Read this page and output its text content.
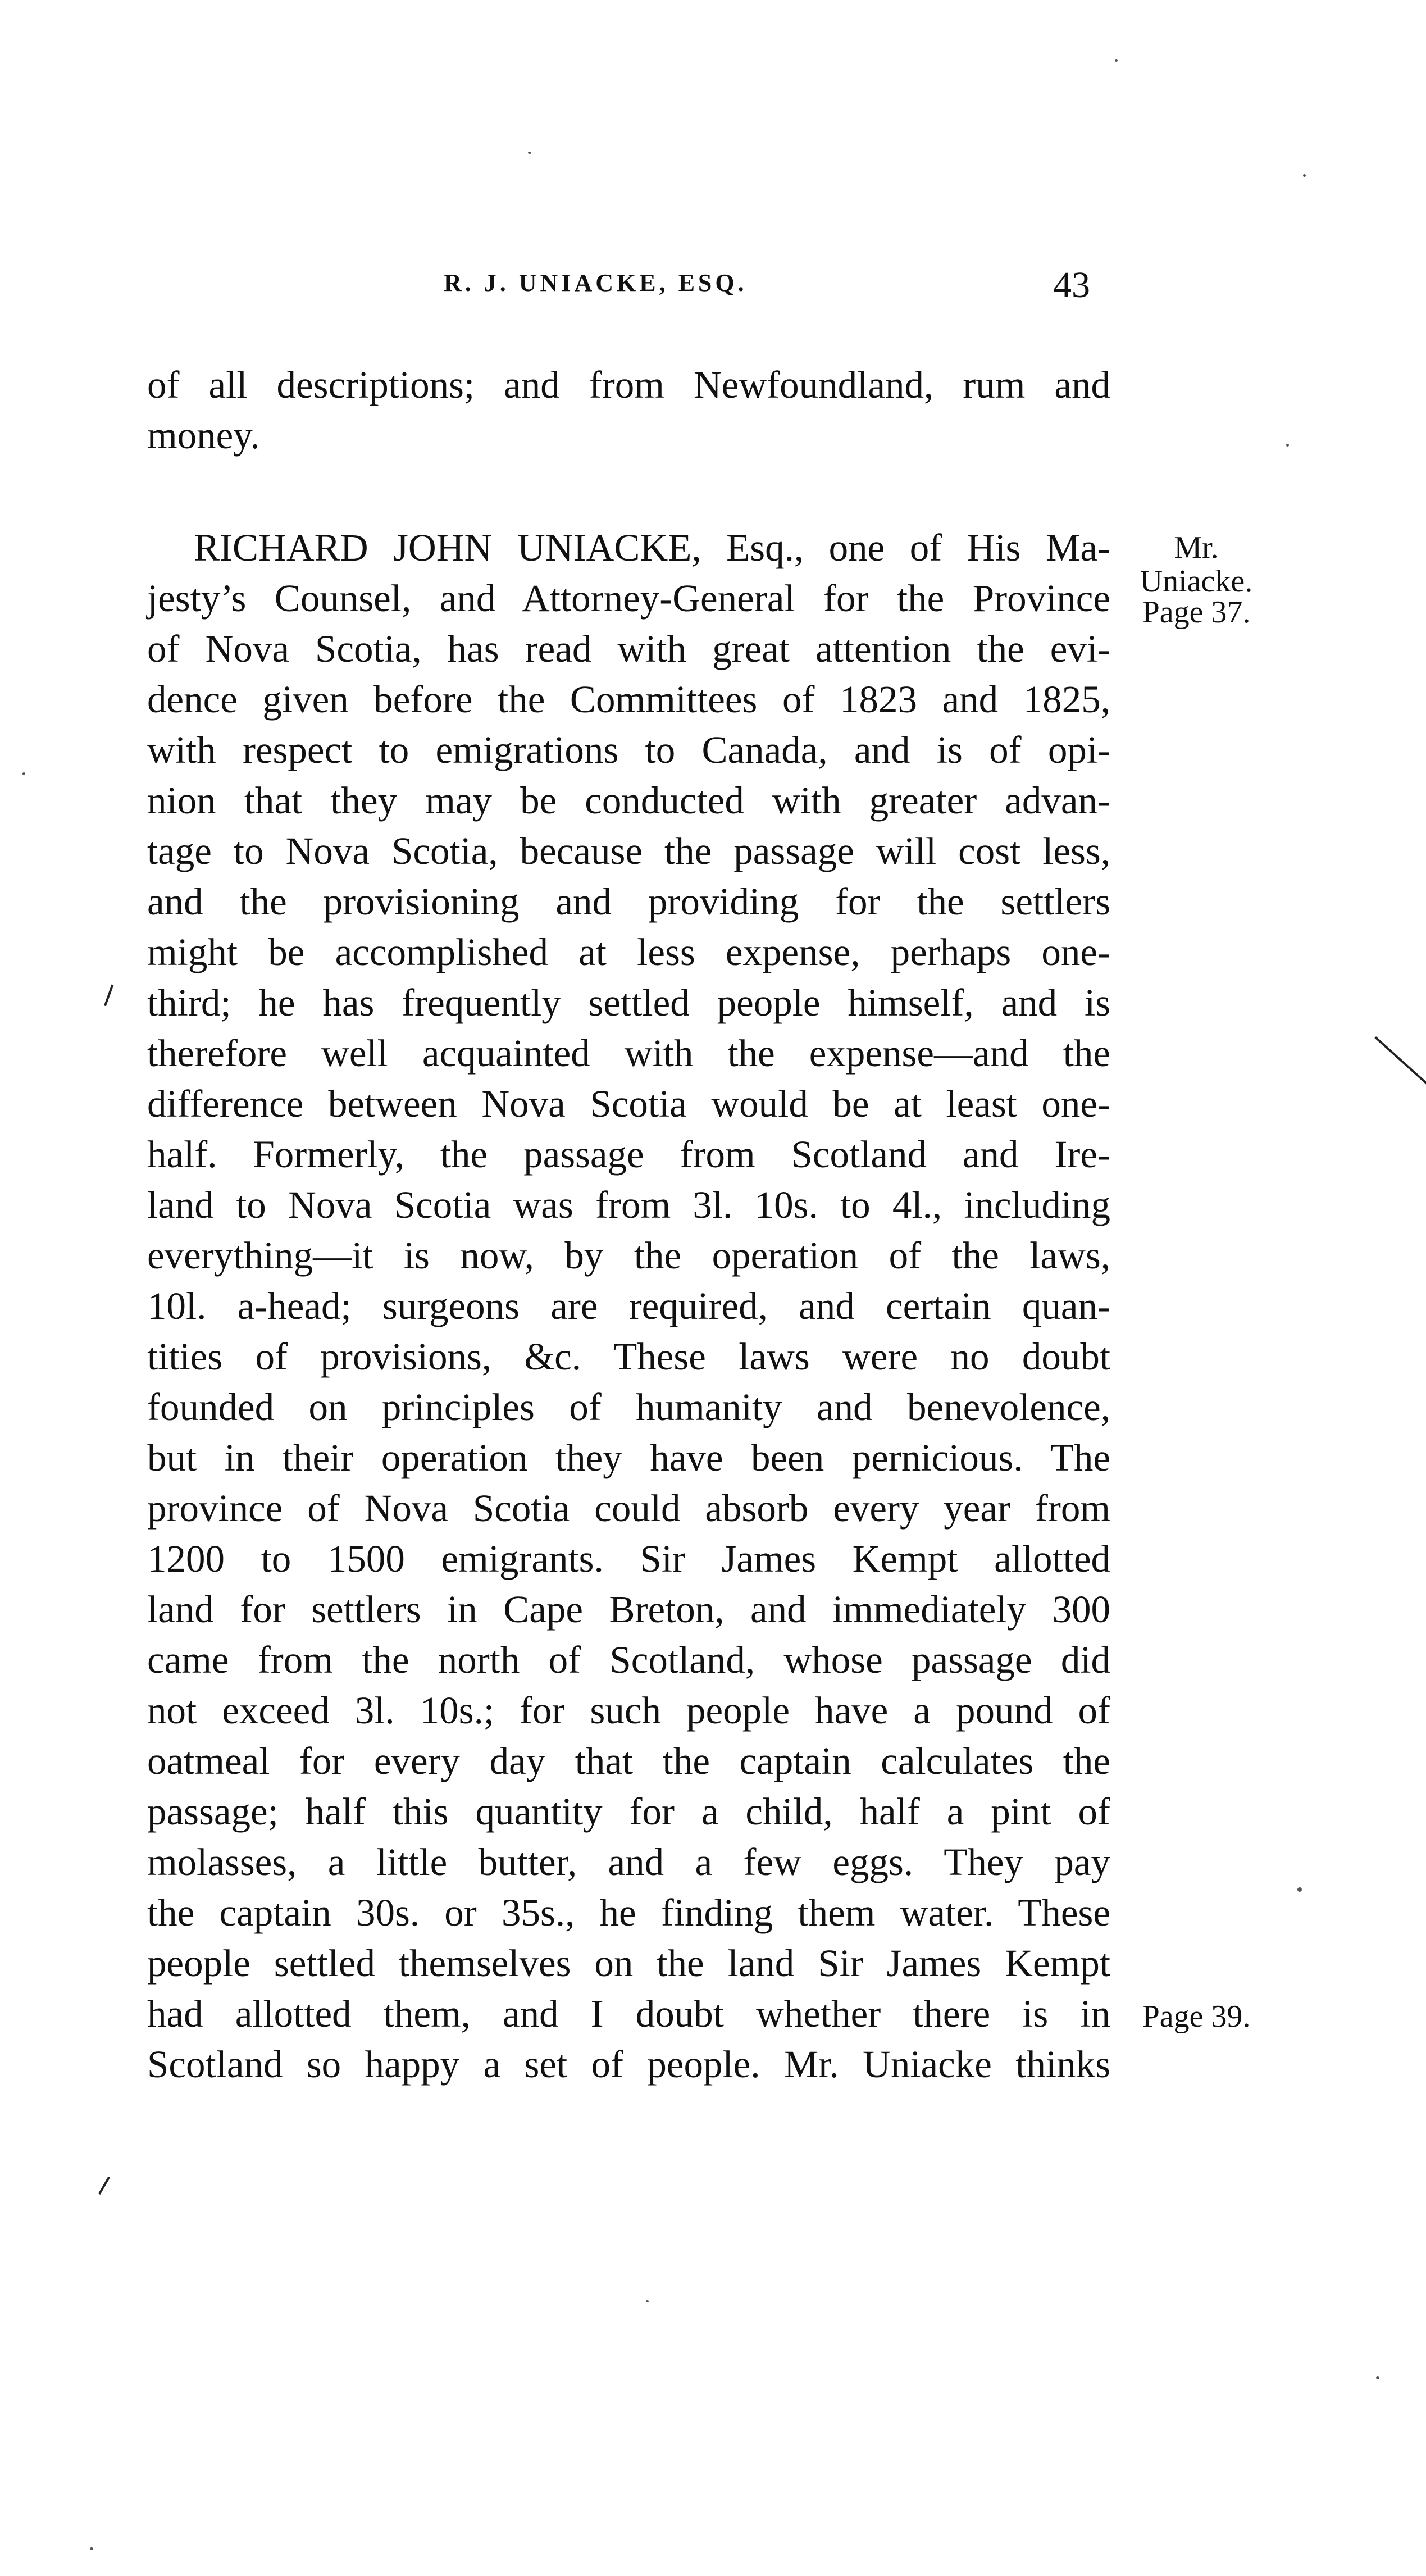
R. J. UNIACKE, ESQ.	43
of all descriptions; and from Newfoundland, rum and
money.
RICHARD JOHN UNIACKE, Esq., one of His Ma-
jesty’s Counsel, and Attorney-General for the Province
of Nova Scotia, has read with great attention the evi-
dence given before the Committees of 1823 and 1825,
with respect to emigrations to Canada, and is of opi-
nion that they may be conducted with greater advan-
tage to Nova Scotia, because the passage will cost less,
and the provisioning and providing for the settlers
might be accomplished at less expense, perhaps one-
third; he has frequently settled people himself, and is
therefore well acquainted with the expense—and the
difference between Nova Scotia would be at least one-
half. Formerly, the passage from Scotland and Ire-
land to Nova Scotia was from 3l. 10s. to 4l., including
everything—it is now, by the operation of the laws,
10l. a-head; surgeons are required, and certain quan-
tities of provisions, &c. These laws were no doubt
founded on principles of humanity and benevolence,
but in their operation they have been pernicious. The
province of Nova Scotia could absorb every year from
1200 to 1500 emigrants. Sir James Kempt allotted
land for settlers in Cape Breton, and immediately 300
came from the north of Scotland, whose passage did
not exceed 3l. 10s.; for such people have a pound of
oatmeal for every day that the captain calculates the
passage; half this quantity for a child, half a pint of
molasses, a little butter, and a few eggs. They pay
the captain 30s. or 35s., he finding them water. These
people settled themselves on the land Sir James Kempt
had allotted them, and I doubt whether there is in
Scotland so happy a set of people. Mr. Uniacke thinks
Mr.
Uniacke.
Page 37.
Page 39.
